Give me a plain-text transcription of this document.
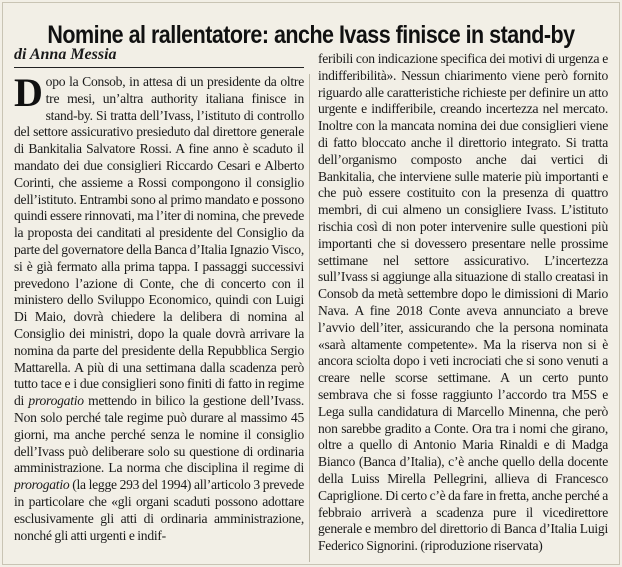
Nomine al rallentatore: anche Ivass finisce in stand-by
di Anna Messia
Dopo la Consob, in attesa di un presidente da oltre tre mesi, un’altra authority italiana finisce in stand-by. Si tratta dell’Ivass, l’istituto di controllo del settore assicurativo presieduto dal direttore generale di Bankitalia Salvatore Rossi. A fine anno è scaduto il mandato dei due consiglieri Riccardo Cesari e Alberto Corinti, che assieme a Rossi compongono il consiglio dell’istituto. Entrambi sono al primo mandato e possono quindi essere rinnovati, ma l’iter di nomina, che prevede la proposta dei canditati al presidente del Consiglio da parte del governatore della Banca d’Italia Ignazio Visco, si è già fermato alla prima tappa. I passaggi successivi prevedono l’azione di Conte, che di concerto con il ministero dello Sviluppo Economico, quindi con Luigi Di Maio, dovrà chiedere la delibera di nomina al Consiglio dei ministri, dopo la quale dovrà arrivare la nomina da parte del presidente della Repubblica Sergio Mattarella. A più di una settimana dalla scadenza però tutto tace e i due consiglieri sono finiti di fatto in regime di prorogatio mettendo in bilico la gestione dell’Ivass. Non solo perché tale regime può durare al massimo 45 giorni, ma anche perché senza le nomine il consiglio dell’Ivass può deliberare solo su questione di ordinaria amministrazione. La norma che disciplina il regime di prorogatio (la legge 293 del 1994) all’articolo 3 prevede in particolare che «gli organi scaduti possono adottare esclusivamente gli atti di ordinaria amministrazione, nonché gli atti urgenti e indif-
feribili con indicazione specifica dei motivi di urgenza e indifferibilità». Nessun chiarimento viene però fornito riguardo alle caratteristiche richieste per definire un atto urgente e indifferibile, creando incertezza nel mercato. Inoltre con la mancata nomina dei due consiglieri viene di fatto bloccato anche il direttorio integrato. Si tratta dell’organismo composto anche dai vertici di Bankitalia, che interviene sulle materie più importanti e che può essere costituito con la presenza di quattro membri, di cui almeno un consigliere Ivass. L’istituto rischia così di non poter intervenire sulle questioni più importanti che si dovessero presentare nelle prossime settimane nel settore assicurativo. L’incertezza sull’Ivass si aggiunge alla situazione di stallo creatasi in Consob da metà settembre dopo le dimissioni di Mario Nava. A fine 2018 Conte aveva annunciato a breve l’avvio dell’iter, assicurando che la persona nominata «sarà altamente competente». Ma la riserva non si è ancora sciolta dopo i veti incrociati che si sono venuti a creare nelle scorse settimane. A un certo punto sembrava che si fosse raggiunto l’accordo tra M5S e Lega sulla candidatura di Marcello Minenna, che però non sarebbe gradito a Conte. Ora tra i nomi che girano, oltre a quello di Antonio Maria Rinaldi e di Madga Bianco (Banca d’Italia), c’è anche quello della docente della Luiss Mirella Pellegrini, allieva di Francesco Capriglione. Di certo c’è da fare in fretta, anche perché a febbraio arriverà a scadenza pure il vicedirettore generale e membro del direttorio di Banca d’Italia Luigi Federico Signorini. (riproduzione riservata)
